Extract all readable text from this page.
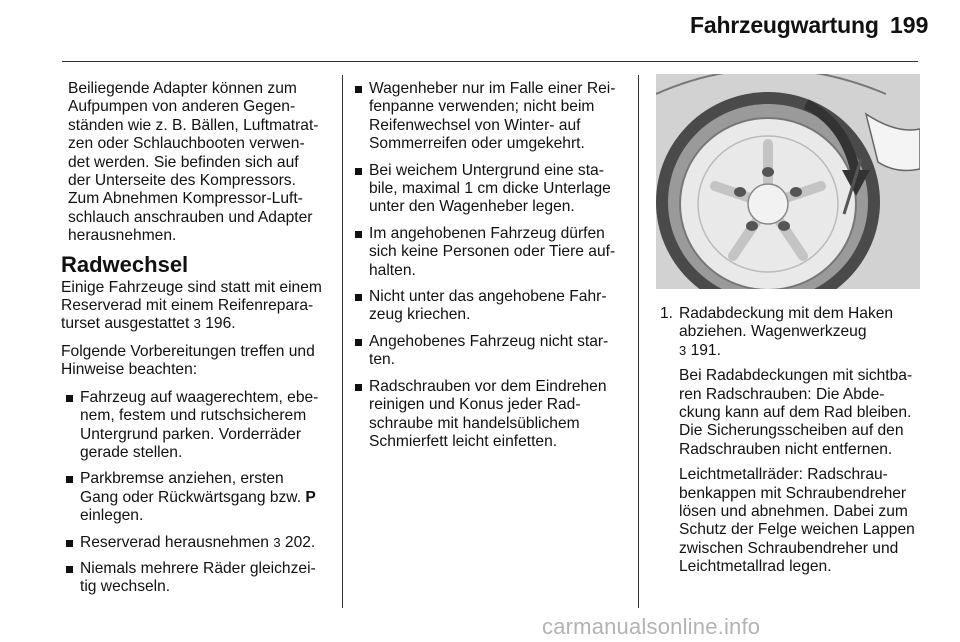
Fahrzeugwartung 199
Beiliegende Adapter können zum
Aufpumpen von anderen Gegen-
ständen wie z. B. Bällen, Luftmatrat-
zen oder Schlauchbooten verwen-
det werden. Sie befinden sich auf
der Unterseite des Kompressors.
Zum Abnehmen Kompressor-Luft-
schlauch anschrauben und Adapter
herausnehmen.
Radwechsel

Einige Fahrzeuge sind statt mit einem
Reserverad mit einem Reifenrepara-
turset ausgestattet 3 196.

Folgende Vorbereitungen treffen und
Hinweise beachten:

Fahrzeug auf waagerechtem, ebe-
nem, festem und rutschsicherem
Untergrund parken. Vorderräder
gerade stellen.
Parkbremse anziehen, ersten
Gang oder Rückwärtsgang bzw. P
einlegen.
Reserverad herausnehmen 3 202.
Niemals mehrere Räder gleichzei-
tig wechseln.
Wagenheber nur im Falle einer Rei-
fenpanne verwenden; nicht beim
Reifenwechsel von Winter- auf
Sommerreifen oder umgekehrt.
Bei weichem Untergrund eine sta-
bile, maximal 1 cm dicke Unterlage
unter den Wagenheber legen.
Im angehobenen Fahrzeug dürfen
sich keine Personen oder Tiere auf-
halten.
Nicht unter das angehobene Fahr-
zeug kriechen.
Angehobenes Fahrzeug nicht star-
ten.
Radschrauben vor dem Eindrehen
reinigen und Konus jeder Rad-
schraube mit handelsüblichem
Schmierfett leicht einfetten.
1. Radabdeckung mit dem Haken
abziehen. Wagenwerkzeug
3 191.

Bei Radabdeckungen mit sichtba-
ren Radschrauben: Die Abde-
ckung kann auf dem Rad bleiben.
Die Sicherungsscheiben auf den
Radschrauben nicht entfernen.

Leichtmetallräder: Radschrau-
benkappen mit Schraubendreher
lösen und abnehmen. Dabei zum
Schutz der Felge weichen Lappen
zwischen Schraubendreher und
Leichtmetallrad legen.

carmanualsonline.info
